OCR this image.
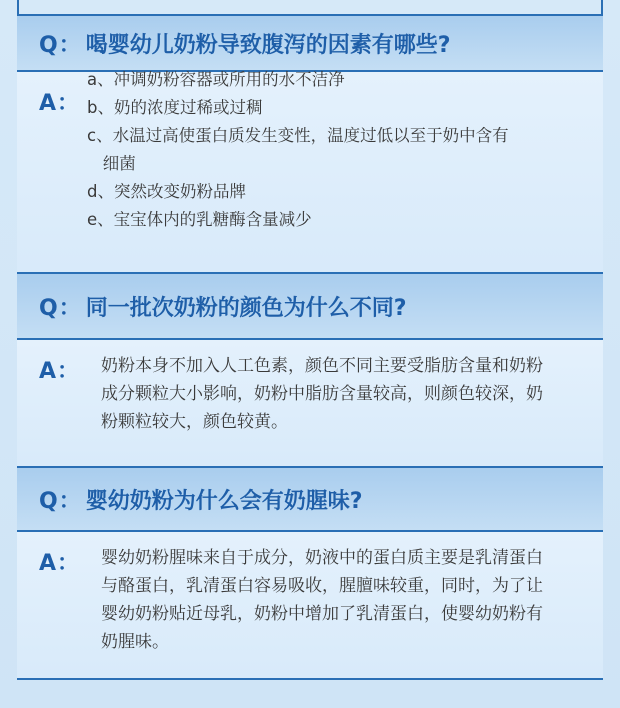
Q： 喝婴幼儿奶粉导致腹泻的因素有哪些?
A：
a、冲调奶粉容器或所用的水不洁净
b、奶的浓度过稀或过稠
c、水温过高使蛋白质发生变性，温度过低以至于奶中含有
细菌
d、突然改变奶粉品牌
e、宝宝体内的乳糖酶含量减少
Q： 同一批次奶粉的颜色为什么不同?
A： 奶粉本身不加入人工色素，颜色不同主要受脂肪含量和奶粉
成分颗粒大小影响，奶粉中脂肪含量较高，则颜色较深，奶
粉颗粒较大，颜色较黄。
Q： 婴幼奶粉为什么会有奶腥味?
A： 婴幼奶粉腥味来自于成分，奶液中的蛋白质主要是乳清蛋白
与酪蛋白，乳清蛋白容易吸收，腥膻味较重，同时，为了让
婴幼奶粉贴近母乳，奶粉中增加了乳清蛋白，使婴幼奶粉有
奶腥味。
